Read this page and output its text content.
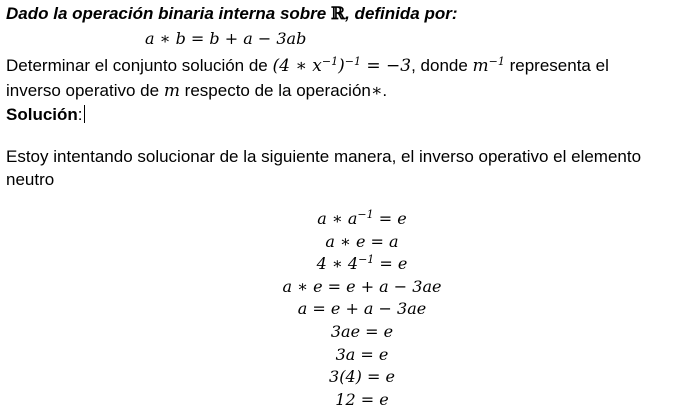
Dado la operación binaria interna sobre ℝ, definida por:
a ∗ b = b + a − 3ab
Determinar el conjunto solución de (4 ∗ $x^{-1})^{-1} = -3$, donde $m^{-1}$ representa el
inverso operativo de m respecto de la operación∗.
Solución:
Estoy intentando solucionar de la siguiente manera, el inverso operativo el elemento
neutro
a ∗ $a^{-1} = e$
a ∗ e = a
4 ∗ $4^{-1} = e$
a ∗ e = e + a − 3ae
a = e + a − 3ae
3ae = e
3a = e
3(4) = e
12 = e
